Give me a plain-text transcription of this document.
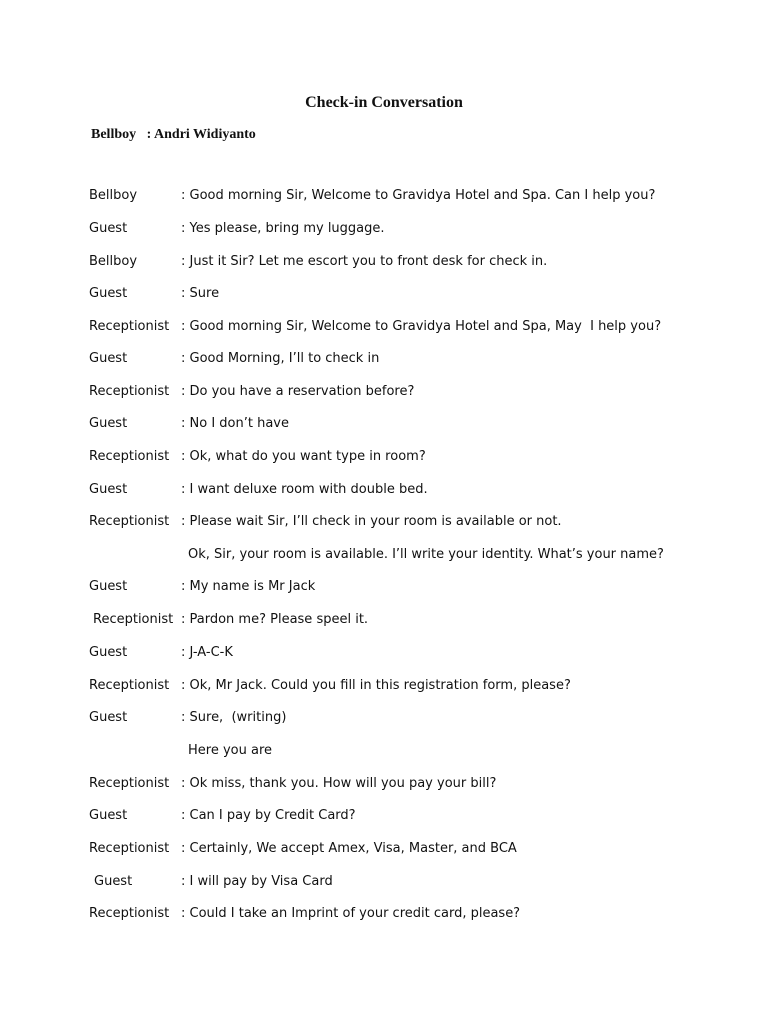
Check-in Conversation
Bellboy   : Andri Widiyanto
Bellboy	: Good morning Sir, Welcome to Gravidya Hotel and Spa. Can I help you?
Guest	: Yes please, bring my luggage.
Bellboy	: Just it Sir? Let me escort you to front desk for check in.
Guest	: Sure
Receptionist : Good morning Sir, Welcome to Gravidya Hotel and Spa, May  I help you?
Guest	: Good Morning, I’ll to check in
Receptionist : Do you have a reservation before?
Guest	: No I don’t have
Receptionist : Ok, what do you want type in room?
Guest	: I want deluxe room with double bed.
Receptionist : Please wait Sir, I’ll check in your room is available or not.
Ok, Sir, your room is available. I’ll write your identity. What’s your name?
Guest	: My name is Mr Jack
Receptionist : Pardon me? Please speel it.
Guest	: J-A-C-K
Receptionist : Ok, Mr Jack. Could you fill in this registration form, please?
Guest	: Sure,  (writing)
Here you are
Receptionist : Ok miss, thank you. How will you pay your bill?
Guest	: Can I pay by Credit Card?
Receptionist : Certainly, We accept Amex, Visa, Master, and BCA
Guest	: I will pay by Visa Card
Receptionist : Could I take an Imprint of your credit card, please?
